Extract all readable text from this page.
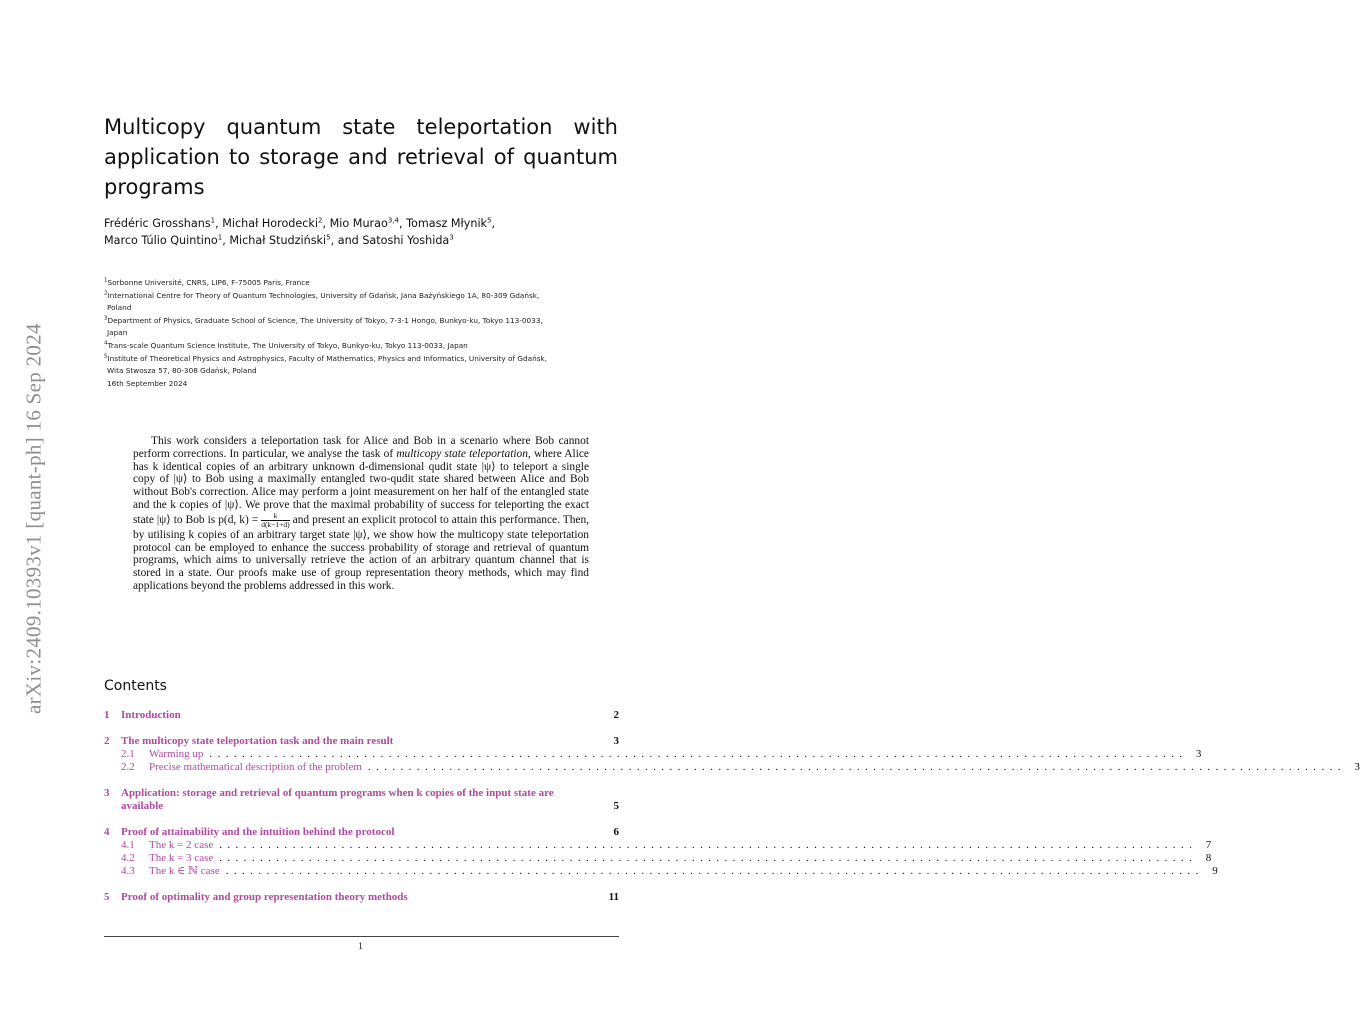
arXiv:2409.10393v1 [quant-ph] 16 Sep 2024
Multicopy quantum state teleportation with application to storage and retrieval of quantum programs
Frédéric Grosshans$^1$, Michał Horodecki$^2$, Mio Murao$^{3,4}$, Tomasz Młynik$^5$,
Marco Túlio Quintino$^1$, Michał Studziński$^5$, and Satoshi Yoshida$^3$
$^1$Sorbonne Université, CNRS, LIP6, F-75005 Paris, France
$^2$International Centre for Theory of Quantum Technologies, University of Gdańsk, Jana Bażyńskiego 1A, 80-309 Gdańsk,
Poland
$^3$Department of Physics, Graduate School of Science, The University of Tokyo, 7-3-1 Hongo, Bunkyo-ku, Tokyo 113-0033,
Japan
$^4$Trans-scale Quantum Science Institute, The University of Tokyo, Bunkyo-ku, Tokyo 113-0033, Japan
$^5$Institute of Theoretical Physics and Astrophysics, Faculty of Mathematics, Physics and Informatics, University of Gdańsk,
Wita Stwosza 57, 80-308 Gdańsk, Poland
16th September 2024

This work considers a teleportation task for Alice and Bob in a scenario where Bob cannot perform corrections. In particular, we analyse the task of multicopy state teleportation, where Alice has k identical copies of an arbitrary unknown d-dimensional qudit state |ψ⟩ to teleport a single copy of |ψ⟩ to Bob using a maximally entangled two-qudit state shared between Alice and Bob without Bob's correction. Alice may perform a joint measurement on her half of the entangled state and the k copies of |ψ⟩. We prove that the maximal probability of success for teleporting the exact state |ψ⟩ to Bob is p(d, $k) = \frac{k}{d(k-1+d)}$ and present an explicit protocol to attain this performance. Then, by utilising k copies of an arbitrary target state |ψ⟩, we show how the multicopy state teleportation protocol can be employed to enhance the success probability of storage and retrieval of quantum programs, which aims to universally retrieve the action of an arbitrary quantum channel that is stored in a state. Our proofs make use of group representation theory methods, which may find applications beyond the problems addressed in this work.

Contents
1	Introduction	2
2	The multicopy state teleportation task and the main result	3
2.1	Warming up ........................................................................................................................ 3
2.2	Precise mathematical description of the problem ........................................................................................................................ 3
3	Application: storage and retrieval of quantum programs when k copies of the input state are available	5
4	Proof of attainability and the intuition behind the protocol	6
4.1	The k = 2 case ........................................................................................................................ 7
4.2	The k = 3 case ........................................................................................................................ 8
4.3	The k ∈ ℕ case ........................................................................................................................ 9
5	Proof of optimality and group representation theory methods	11
1
